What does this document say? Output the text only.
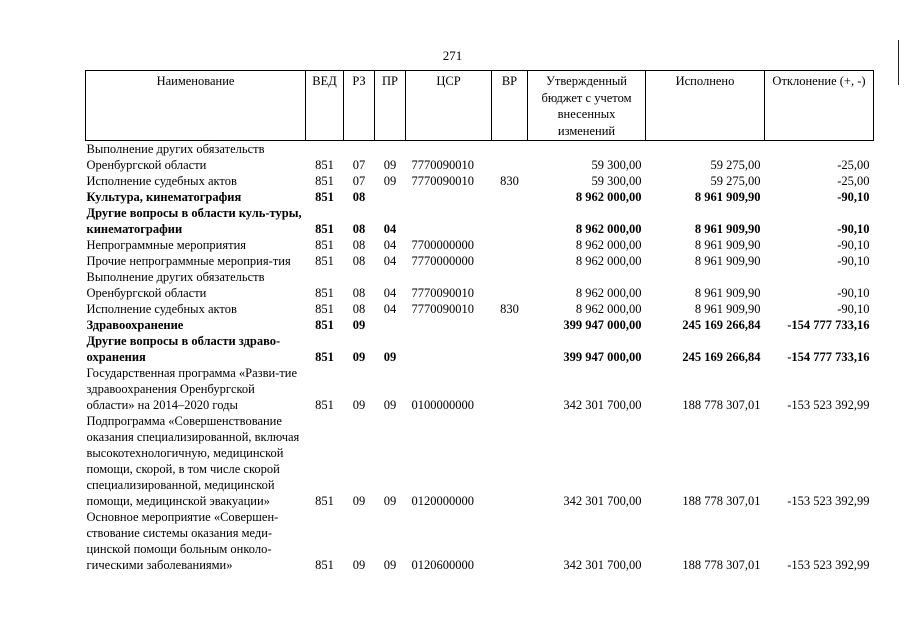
271
Наименование	ВЕД	РЗ	ПР	ЦСР	ВР	Утвержденный бюджет с учетом внесенных изменений	Исполнено	Отклонение (+, -)
Выполнение других обязательств Оренбургской области	851	07	09	7770090010		59 300,00	59 275,00	-25,00
Исполнение судебных актов	851	07	09	7770090010	830	59 300,00	59 275,00	-25,00
Культура, кинематография	851	08				8 962 000,00	8 961 909,90	-90,10
Другие вопросы в области куль-туры, кинематографии	851	08	04			8 962 000,00	8 961 909,90	-90,10
Непрограммные мероприятия	851	08	04	7700000000		8 962 000,00	8 961 909,90	-90,10
Прочие непрограммные мероприя-тия	851	08	04	7770000000		8 962 000,00	8 961 909,90	-90,10
Выполнение других обязательств Оренбургской области	851	08	04	7770090010		8 962 000,00	8 961 909,90	-90,10
Исполнение судебных актов	851	08	04	7770090010	830	8 962 000,00	8 961 909,90	-90,10
Здравоохранение	851	09				399 947 000,00	245 169 266,84	-154 777 733,16
Другие вопросы в области здраво-охранения	851	09	09			399 947 000,00	245 169 266,84	-154 777 733,16
Государственная программа «Разви-тие здравоохранения Оренбургской области» на 2014–2020 годы	851	09	09	0100000000		342 301 700,00	188 778 307,01	-153 523 392,99
Подпрограмма «Совершенствование оказания специализированной, включая высокотехнологичную, медицинской помощи, скорой, в том числе скорой специализированной, медицинской помощи, медицинской эвакуации»	851	09	09	0120000000		342 301 700,00	188 778 307,01	-153 523 392,99
Основное мероприятие «Совершен-ствование системы оказания меди-цинской помощи больным онколо-гическими заболеваниями»	851	09	09	0120600000		342 301 700,00	188 778 307,01	-153 523 392,99
